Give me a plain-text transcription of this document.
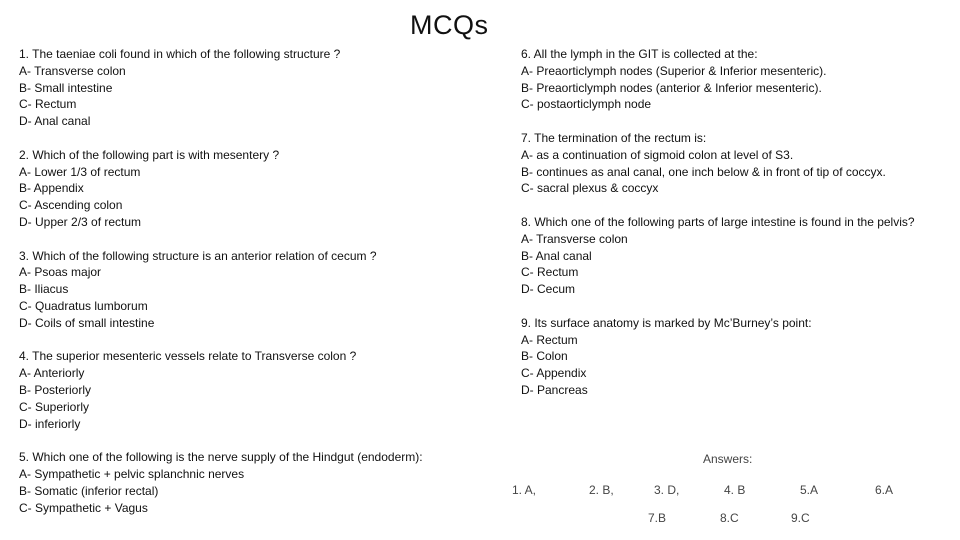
MCQs
1. The taeniae coli found in which of the following structure ?
A- Transverse colon
B- Small intestine
C- Rectum
D- Anal canal
2. Which of the following part is with mesentery ?
A- Lower 1/3 of rectum
B- Appendix
C- Ascending colon
D- Upper 2/3 of rectum
3. Which of the following structure is an anterior relation of cecum ?
A- Psoas major
B- Iliacus
C- Quadratus lumborum
D- Coils of small intestine
4. The superior mesenteric vessels relate to Transverse colon ?
A- Anteriorly
B- Posteriorly
C- Superiorly
D- inferiorly
5. Which one of the following is the nerve supply of the Hindgut (endoderm):
A- Sympathetic + pelvic splanchnic nerves
B- Somatic (inferior rectal)
C- Sympathetic + Vagus
6. All the lymph in the GIT is collected at the:
A- Preaorticlymph nodes (Superior & Inferior mesenteric).
B- Preaorticlymph nodes (anterior & Inferior mesenteric).
C- postaorticlymph node
7. The termination of the rectum is:
A- as a continuation of sigmoid colon at level of S3.
B- continues as anal canal, one inch below & in front of tip of coccyx.
C- sacral plexus & coccyx
8. Which one of the following parts of large intestine is found in the pelvis?
A- Transverse colon
B- Anal canal
C- Rectum
D- Cecum
9. Its surface anatomy is marked by Mc’Burney’s point:
A- Rectum
B- Colon
C- Appendix
D- Pancreas
Answers:
1. A,	2. B,	3. D,	4. B	5.A	6.A
7.B	8.C	9.C
